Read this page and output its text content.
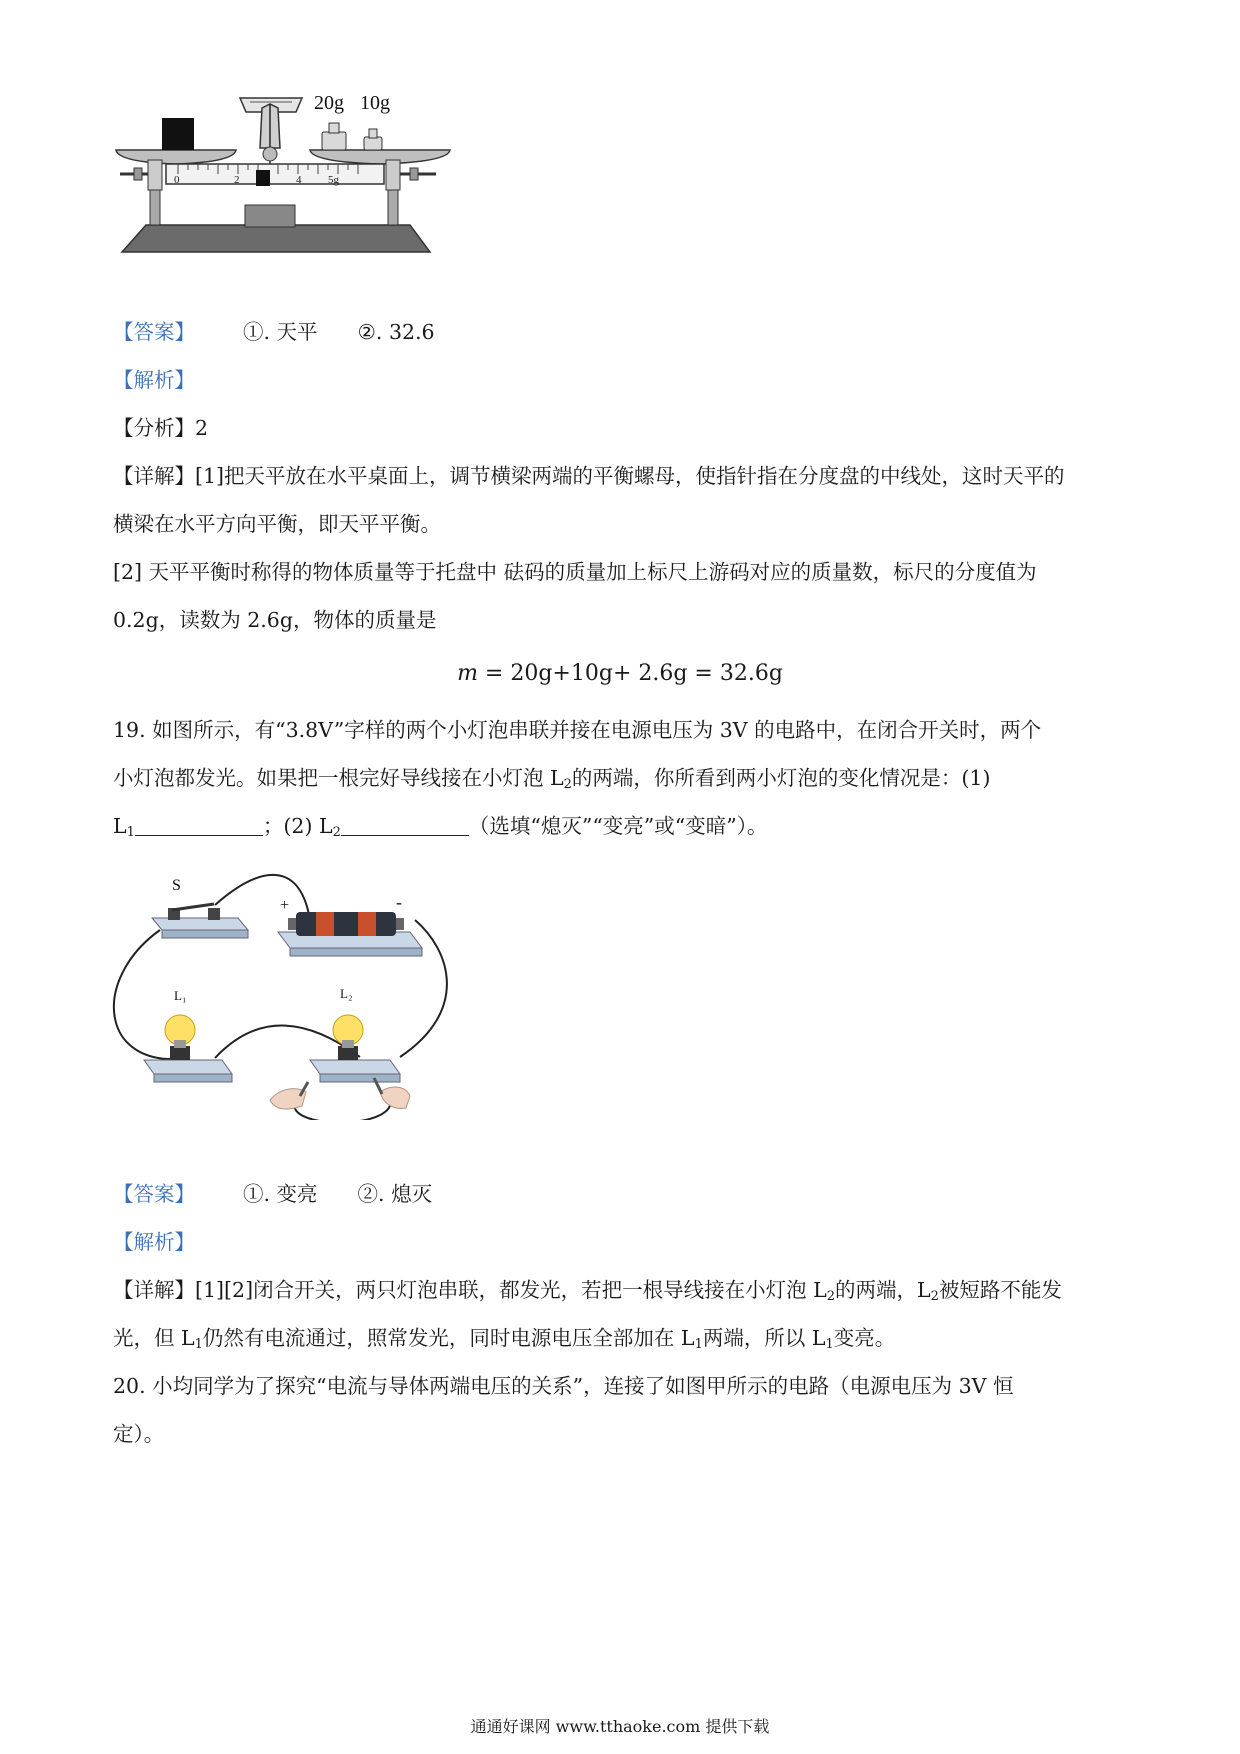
20g 10g
0	2	4 5g
【答案】 ①. 天平 ②. 32.6
【解析】
【分析】2
【详解】[1]把天平放在水平桌面上，调节横梁两端的平衡螺母，使指针指在分度盘的中线处，这时天平的
横梁在水平方向平衡，即天平平衡。
[2] 天平平衡时称得的物体质量等于托盘中 砝码的质量加上标尺上游码对应的质量数，标尺的分度值为
0.2g，读数为 2.6g，物体的质量是
m = 20g+10g+ 2.6g = 32.6g
19. 如图所示，有“3.8V”字样的两个小灯泡串联并接在电源电压为 3V 的电路中，在闭合开关时，两个
小灯泡都发光。如果把一根完好导线接在小灯泡 $L_2$的两端，你所看到两小灯泡的变化情况是：(1)
$L_1$	；(2) $L_2$	（选填“熄灭”“变亮”或“变暗”）。
S
+	-
L₁	L₂
【答案】 ①. 变亮 ②. 熄灭
【解析】
【详解】[1][2]闭合开关，两只灯泡串联，都发光，若把一根导线接在小灯泡 $L_2$的两端，$L_2$被短路不能发
光，但 $L_1$仍然有电流通过，照常发光，同时电源电压全部加在 $L_1$两端，所以 $L_1$变亮。
20. 小均同学为了探究“电流与导体两端电压的关系”，连接了如图甲所示的电路（电源电压为 3V 恒
定）。
通通好课网 www.tthaoke.com 提供下载
